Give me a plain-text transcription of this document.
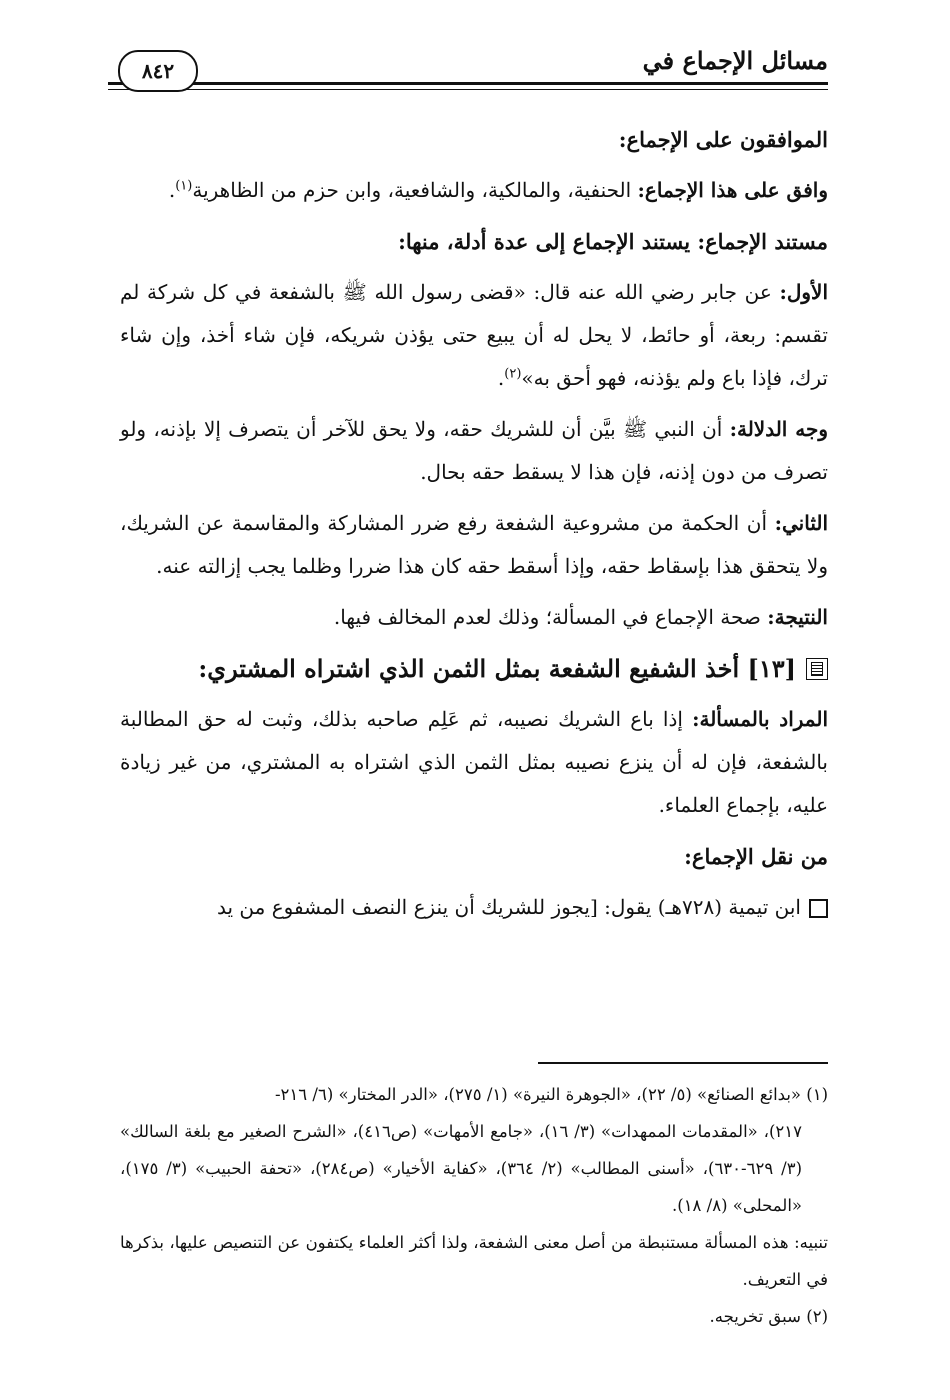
مسائل الإجماع في
٨٤٢

الموافقون على الإجماع:

وافق على هذا الإجماع: الحنفية، والمالكية، والشافعية، وابن حزم من الظاهرية$^{(١)}$.

مستند الإجماع: يستند الإجماع إلى عدة أدلة، منها:

الأول: عن جابر رضي الله عنه قال: «قضى رسول الله ﷺ بالشفعة في كل شركة لم تقسم: ربعة، أو حائط، لا يحل له أن يبيع حتى يؤذن شريكه، فإن شاء أخذ، وإن شاء ترك، فإذا باع ولم يؤذنه، فهو أحق به»$^{(٢)}$.

وجه الدلالة: أن النبي ﷺ بيَّن أن للشريك حقه، ولا يحق للآخر أن يتصرف إلا بإذنه، ولو تصرف من دون إذنه، فإن هذا لا يسقط حقه بحال.

الثاني: أن الحكمة من مشروعية الشفعة رفع ضرر المشاركة والمقاسمة عن الشريك، ولا يتحقق هذا بإسقاط حقه، وإذا أسقط حقه كان هذا ضررا وظلما يجب إزالته عنه.

النتيجة: صحة الإجماع في المسألة؛ وذلك لعدم المخالف فيها.

[١٣] أخذ الشفيع الشفعة بمثل الثمن الذي اشتراه المشتري:

المراد بالمسألة: إذا باع الشريك نصيبه، ثم عَلِم صاحبه بذلك، وثبت له حق المطالبة بالشفعة، فإن له أن ينزع نصيبه بمثل الثمن الذي اشتراه به المشتري، من غير زيادة عليه، بإجماع العلماء.

من نقل الإجماع:

ابن تيمية (٧٢٨هـ) يقول: [يجوز للشريك أن ينزع النصف المشفوع من يد

(١) «بدائع الصنائع» (٥/ ٢٢)، «الجوهرة النيرة» (١/ ٢٧٥)، «الدر المختار» (٦/ ٢١٦-

٢١٧)، «المقدمات الممهدات» (٣/ ١٦)، «جامع الأمهات» (ص٤١٦)، «الشرح الصغير مع بلغة السالك» (٣/ ٦٢٩-٦٣٠)، «أسنى المطالب» (٢/ ٣٦٤)، «كفاية الأخيار» (ص٢٨٤)، «تحفة الحبيب» (٣/ ١٧٥)، «المحلى» (٨/ ١٨).

تنبيه: هذه المسألة مستنبطة من أصل معنى الشفعة، ولذا أكثر العلماء يكتفون عن التنصيص عليها، بذكرها في التعريف.

(٢) سبق تخريجه.
